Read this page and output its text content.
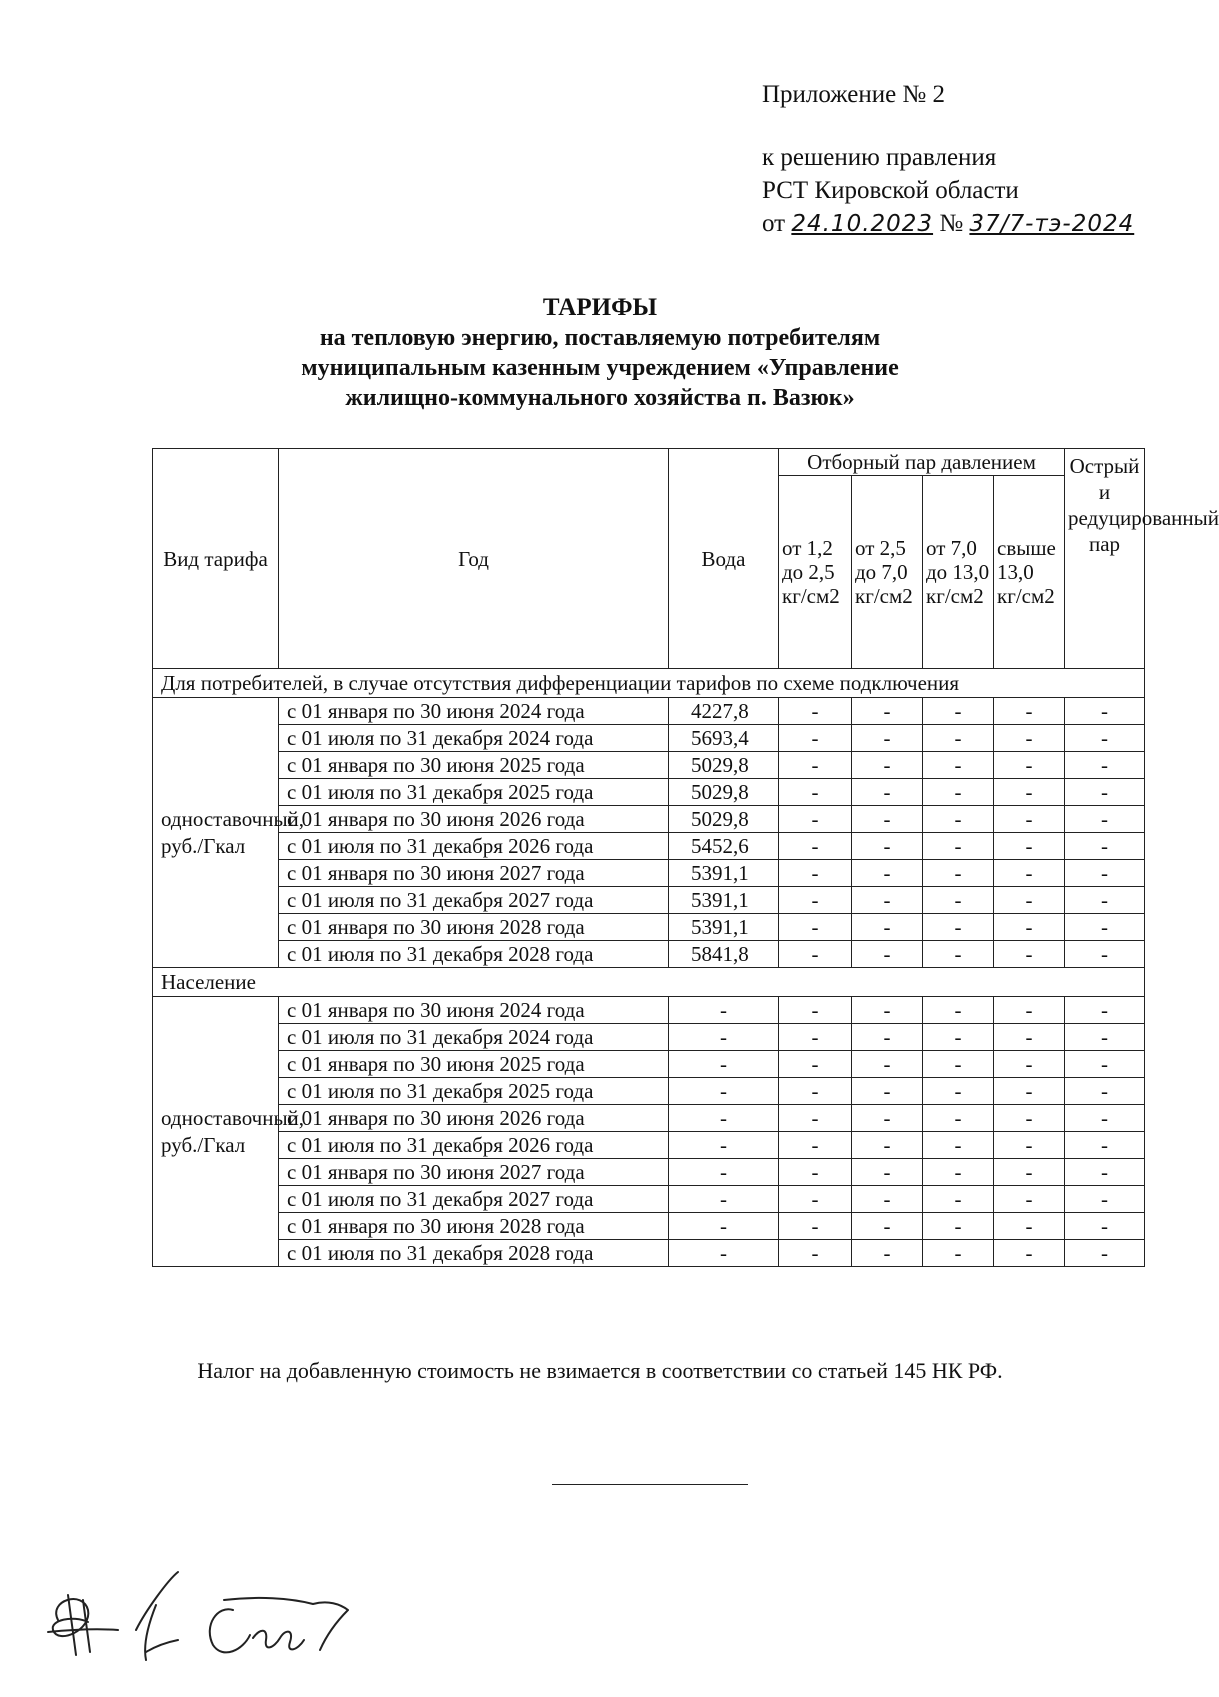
Приложение № 2
к решению правления
РСТ Кировской области
от 24.10.2023 № 37/7-тэ-2024
ТАРИФЫ
на тепловую энергию, поставляемую потребителям
муниципальным казенным учреждением «Управление
жилищно-коммунального хозяйства п. Вазюк»
Вид тарифа	Год	Вода	Отборный пар давлением				Острый и редуцированный пар
			от 1,2 до 2,5 кг/см2	от 2,5 до 7,0 кг/см2	от 7,0 до 13,0 кг/см2	свыше 13,0 кг/см2	
Для потребителей, в случае отсутствия дифференциации тарифов по схеме подключения							
одноставочный, руб./Гкал	с 01 января по 30 июня 2024 года	4227,8	-	-	-	-	-
	с 01 июля по 31 декабря 2024 года	5693,4	-	-	-	-	-
	с 01 января по 30 июня 2025 года	5029,8	-	-	-	-	-
	с 01 июля по 31 декабря 2025 года	5029,8	-	-	-	-	-
	с 01 января по 30 июня 2026 года	5029,8	-	-	-	-	-
	с 01 июля по 31 декабря 2026 года	5452,6	-	-	-	-	-
	с 01 января по 30 июня 2027 года	5391,1	-	-	-	-	-
	с 01 июля по 31 декабря 2027 года	5391,1	-	-	-	-	-
	с 01 января по 30 июня 2028 года	5391,1	-	-	-	-	-
	с 01 июля по 31 декабря 2028 года	5841,8	-	-	-	-	-
Население							
одноставочный, руб./Гкал	с 01 января по 30 июня 2024 года	-	-	-	-	-	-
	с 01 июля по 31 декабря 2024 года	-	-	-	-	-	-
	с 01 января по 30 июня 2025 года	-	-	-	-	-	-
	с 01 июля по 31 декабря 2025 года	-	-	-	-	-	-
	с 01 января по 30 июня 2026 года	-	-	-	-	-	-
	с 01 июля по 31 декабря 2026 года	-	-	-	-	-	-
	с 01 января по 30 июня 2027 года	-	-	-	-	-	-
	с 01 июля по 31 декабря 2027 года	-	-	-	-	-	-
	с 01 января по 30 июня 2028 года	-	-	-	-	-	-
	с 01 июля по 31 декабря 2028 года	-	-	-	-	-	-
Налог на добавленную стоимость не взимается в соответствии со статьей 145 НК РФ.
